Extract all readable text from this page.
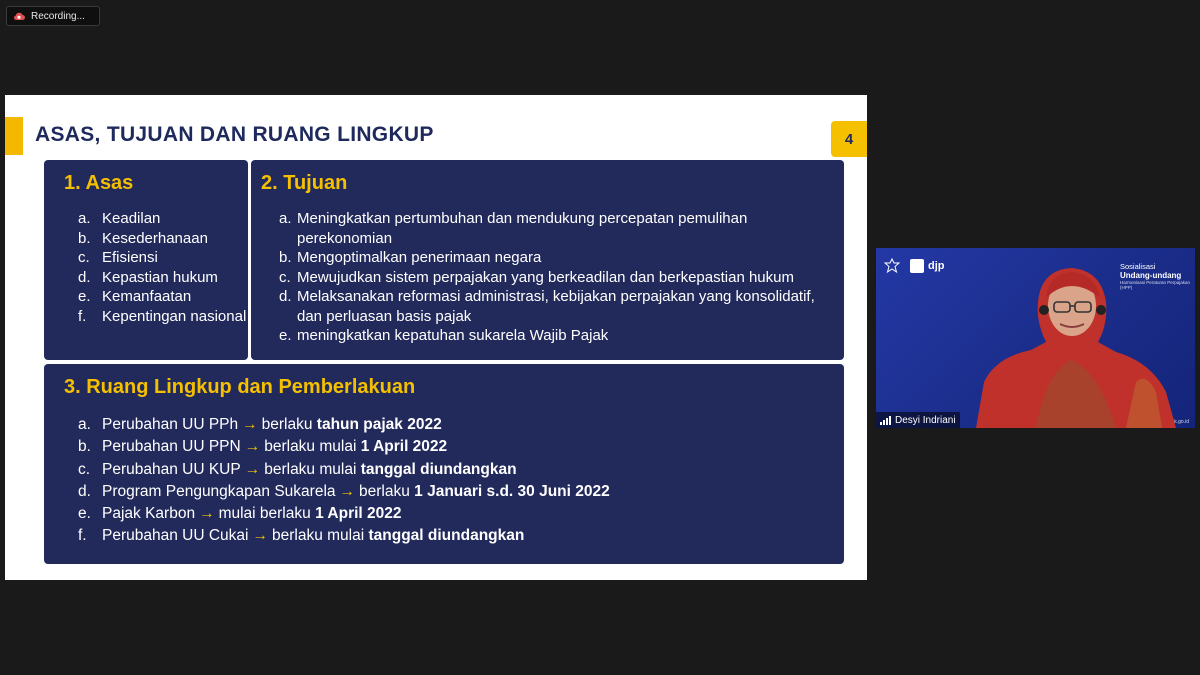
Recording...
ASAS, TUJUAN DAN RUANG LINGKUP	4
1. Asas
a. Keadilan
b. Kesederhanaan
c. Efisiensi
d. Kepastian hukum
e. Kemanfaatan
f.	Kepentingan nasional
2. Tujuan
a. Meningkatkan pertumbuhan dan mendukung percepatan pemulihan perekonomian
b. Mengoptimalkan penerimaan negara
c. Mewujudkan sistem perpajakan yang berkeadilan dan berkepastian hukum
d. Melaksanakan reformasi administrasi, kebijakan perpajakan yang konsolidatif, dan perluasan basis pajak
e. meningkatkan kepatuhan sukarela Wajib Pajak
3. Ruang Lingkup dan Pemberlakuan
a. Perubahan UU PPh → berlaku tahun pajak 2022
b. Perubahan UU PPN → berlaku mulai 1 April 2022
c. Perubahan UU KUP → berlaku mulai tanggal diundangkan
d. Program Pengungkapan Sukarela → berlaku 1 Januari s.d. 30 Juni 2022
e. Pajak Karbon → mulai berlaku 1 April 2022
f. Perubahan UU Cukai → berlaku mulai tanggal diundangkan
djp	Sosialisasi
Undang-undang
Harmonisasi Peraturan Perpajakan (HPP)
Desyi Indriani	k.go.id
